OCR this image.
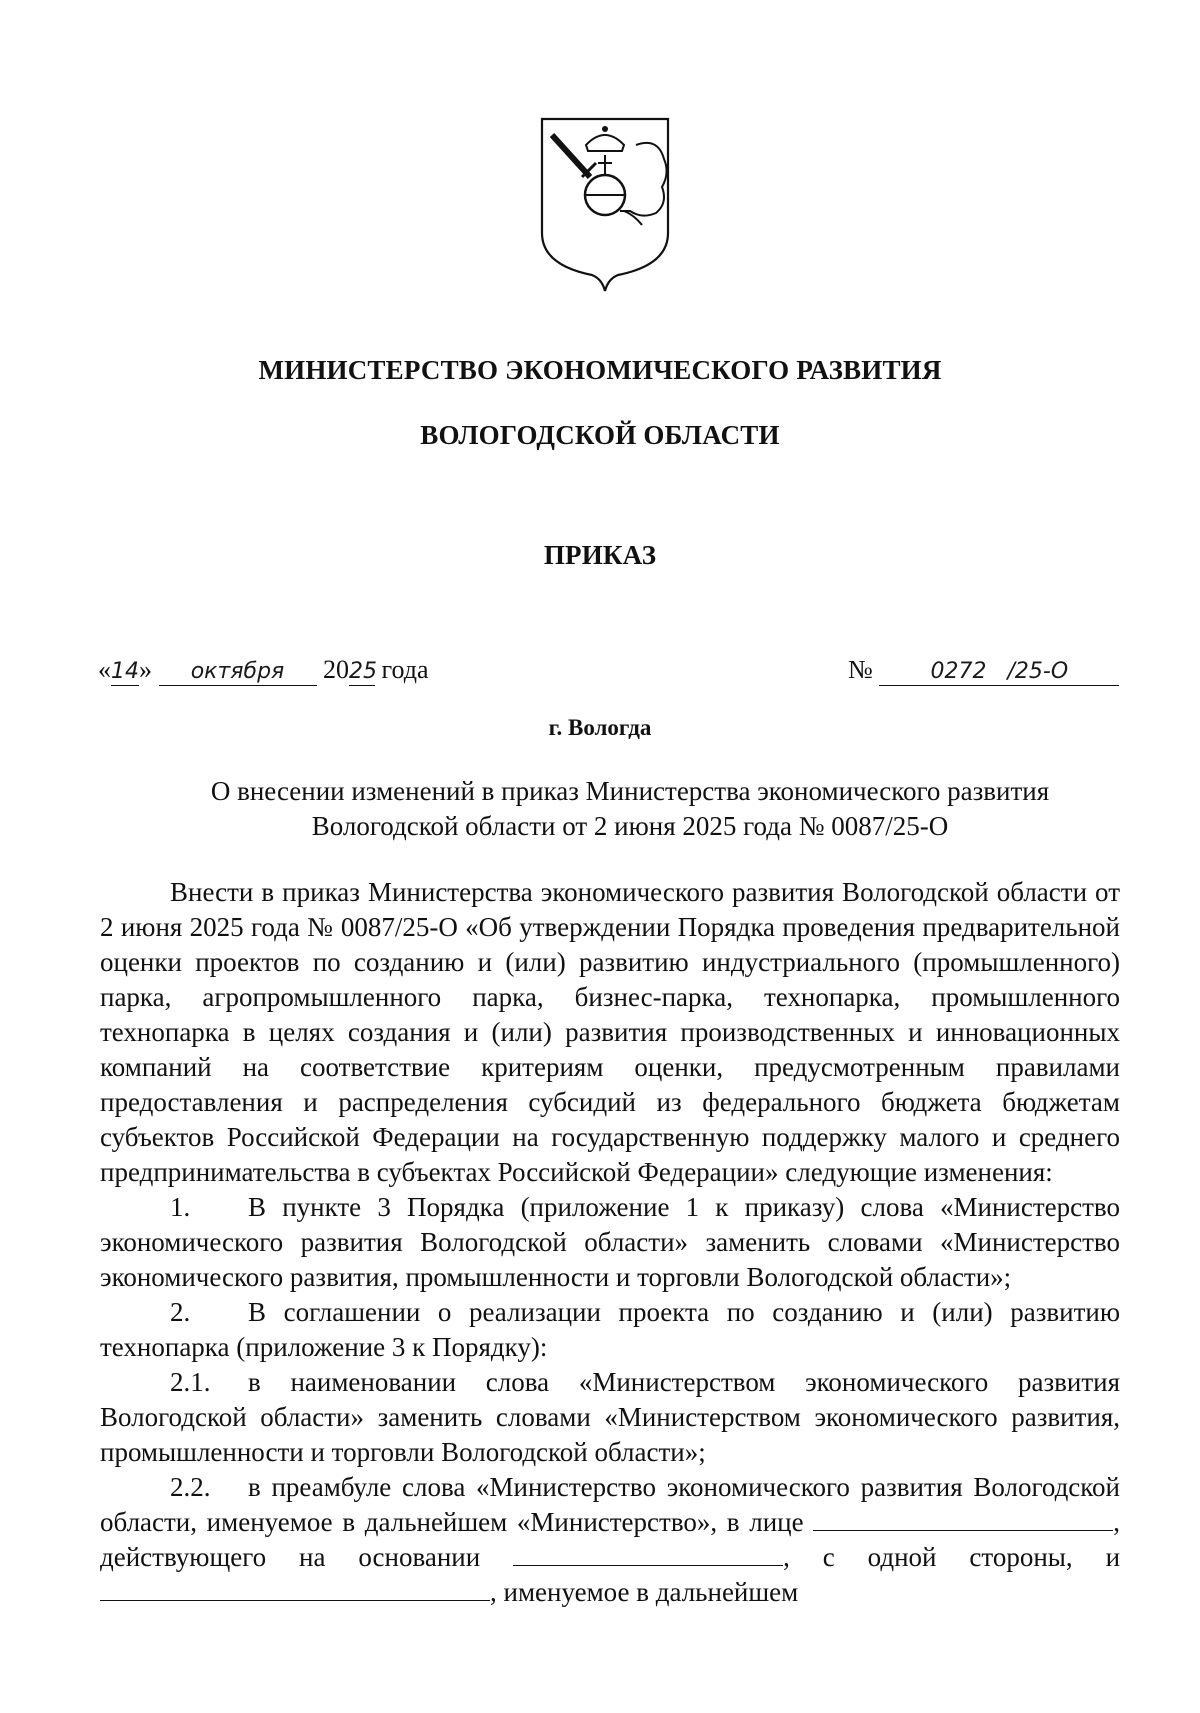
МИНИСТЕРСТВО ЭКОНОМИЧЕСКОГО РАЗВИТИЯ
ВОЛОГОДСКОЙ ОБЛАСТИ
ПРИКАЗ
«14» октября 2025 года	№	0272 /25-О
г. Вологда
О внесении изменений в приказ Министерства экономического развития
Вологодской области от 2 июня 2025 года № 0087/25-О

Внести в приказ Министерства экономического развития Вологодской области от 2 июня 2025 года № 0087/25-О «Об утверждении Порядка проведения предварительной оценки проектов по созданию и (или) развитию индустриального (промышленного) парка, агропромышленного парка, бизнес-парка, технопарка, промышленного технопарка в целях создания и (или) развития производственных и инновационных компаний на соответствие критериям оценки, предусмотренным правилами предоставления и распределения субсидий из федерального бюджета бюджетам субъектов Российской Федерации на государственную поддержку малого и среднего предпринимательства в субъектах Российской Федерации» следующие изменения:

1. В пункте 3 Порядка (приложение 1 к приказу) слова «Министерство экономического развития Вологодской области» заменить словами «Министерство экономического развития, промышленности и торговли Вологодской области»;

2. В соглашении о реализации проекта по созданию и (или) развитию технопарка (приложение 3 к Порядку):

2.1. в наименовании слова «Министерством экономического развития Вологодской области» заменить словами «Министерством экономического развития, промышленности и торговли Вологодской области»;

2.2. в преамбуле слова «Министерство экономического развития Вологодской области, именуемое в дальнейшем «Министерство», в лице	, действующего на основании	, с одной стороны, и , именуемое в дальнейшем
